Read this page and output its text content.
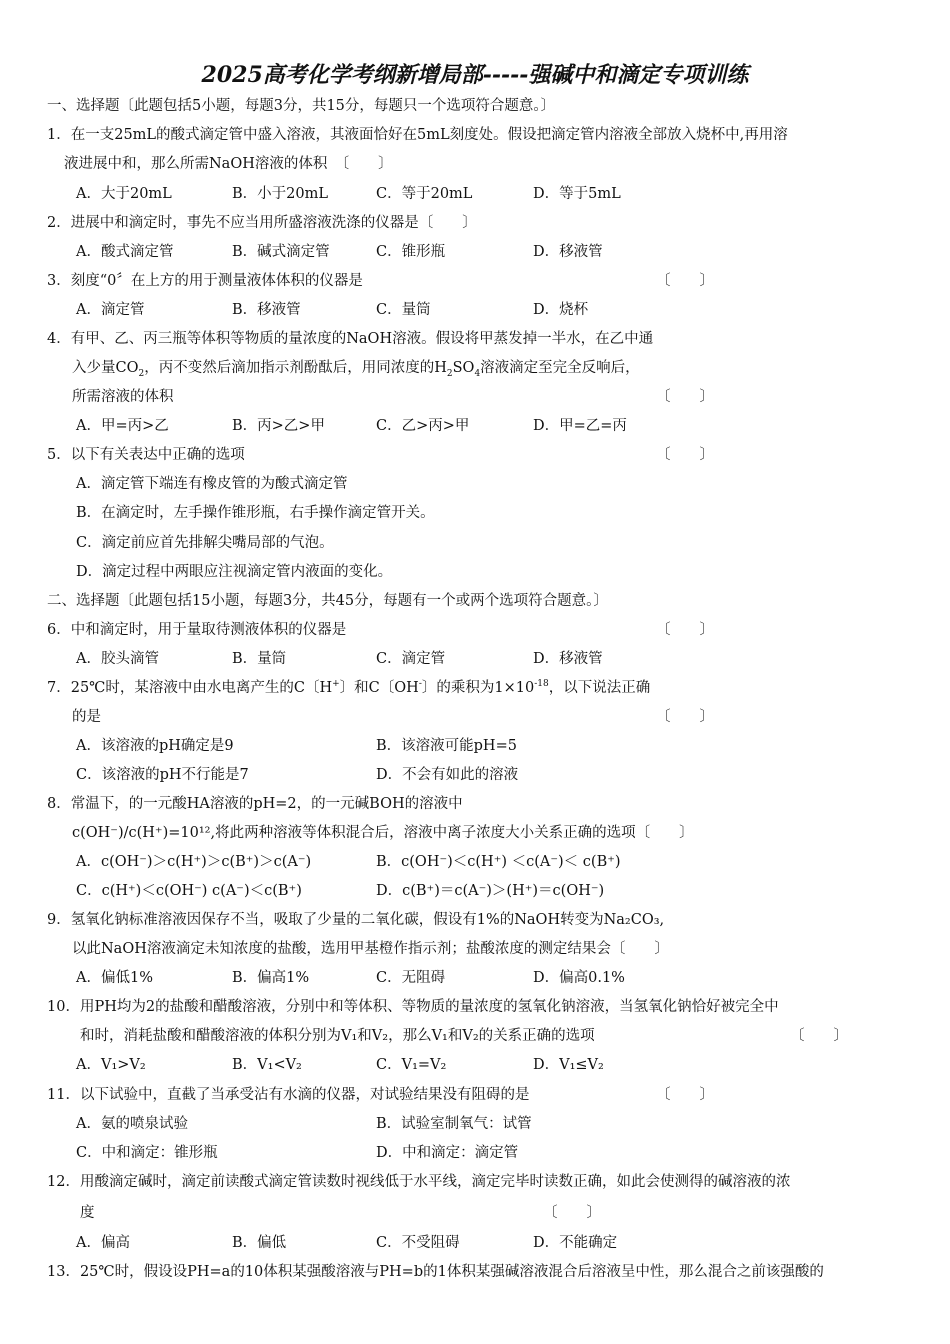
2025高考化学考纲新增局部-----强碱中和滴定专项训练
一、选择题〔此题包括5小题，每题3分，共15分，每题只一个选项符合题意。〕
1．在一支25mL的酸式滴定管中盛入溶液，其液面恰好在5mL刻度处。假设把滴定管内溶液全部放入烧杯中,再用溶
液进展中和，那么所需NaOH溶液的体积　〔　　〕
A．大于20mL	B．小于20mL	C．等于20mL	D．等于5mL
2．进展中和滴定时，事先不应当用所盛溶液洗涤的仪器是〔　　〕
A．酸式滴定管	B．碱式滴定管	C．锥形瓶	D．移液管
3．刻度“0〞在上方的用于测量液体体积的仪器是	〔　　〕
A．滴定管	B．移液管	C．量筒	D．烧杯
4．有甲、乙、丙三瓶等体积等物质的量浓度的NaOH溶液。假设将甲蒸发掉一半水，在乙中通
入少量$CO_2$，丙不变然后滴加指示剂酚酞后，用同浓度的$H_2SO_4$溶液滴定至完全反响后，
所需溶液的体积	〔　　〕
A．甲=丙>乙	B．丙>乙>甲	C．乙>丙>甲	D．甲=乙=丙
5．以下有关表达中正确的选项	〔　　〕
A．滴定管下端连有橡皮管的为酸式滴定管
B．在滴定时，左手操作锥形瓶，右手操作滴定管开关。
C．滴定前应首先排解尖嘴局部的气泡。
D．滴定过程中两眼应注视滴定管内液面的变化。
二、选择题〔此题包括15小题，每题3分，共45分，每题有一个或两个选项符合题意。〕
6．中和滴定时，用于量取待测液体积的仪器是	〔　　〕
A．胶头滴管	B．量筒	C．滴定管	D．移液管
7．25℃时，某溶液中由水电离产生的C〔H+〕和C〔OH-〕的乘积为$1\times 10^{-18}$，以下说法正确
的是	〔　　〕
A．该溶液的pH确定是9	B．该溶液可能pH=5
C．该溶液的pH不行能是7	D．不会有如此的溶液
8．常温下，的一元酸HA溶液的pH=2，的一元碱BOH的溶液中
c(OH⁻)/c(H⁺)=10¹²,将此两种溶液等体积混合后，溶液中离子浓度大小关系正确的选项〔　　〕
A．c(OH⁻)＞c(H⁺)＞c(B⁺)＞c(A⁻)	B．c(OH⁻)＜c(H⁺) ＜c(A⁻)＜ c(B⁺)
C．c(H⁺)＜c(OH⁻) c(A⁻)＜c(B⁺)	D．c(B⁺)＝c(A⁻)＞(H⁺)＝c(OH⁻)
9．氢氧化钠标准溶液因保存不当，吸取了少量的二氧化碳，假设有1%的NaOH转变为Na₂CO₃,
以此NaOH溶液滴定未知浓度的盐酸，选用甲基橙作指示剂；盐酸浓度的测定结果会〔　　〕
A．偏低1%	B．偏高1%	C．无阻碍	D．偏高0.1%
10．用PH均为2的盐酸和醋酸溶液，分别中和等体积、等物质的量浓度的氢氧化钠溶液，当氢氧化钠恰好被完全中
和时，消耗盐酸和醋酸溶液的体积分别为V₁和V₂，那么V₁和V₂的关系正确的选项	〔　　〕
A．V₁>V₂	B．V₁<V₂	C．V₁=V₂	D．V₁≤V₂
11．以下试验中，直截了当承受沾有水滴的仪器，对试验结果没有阻碍的是	〔　　〕
A．氨的喷泉试验	B．试验室制氧气：试管
C．中和滴定：锥形瓶	D．中和滴定：滴定管
12．用酸滴定碱时，滴定前读酸式滴定管读数时视线低于水平线，滴定完毕时读数正确，如此会使测得的碱溶液的浓
度	〔　　〕
A．偏高	B．偏低	C．不受阻碍	D．不能确定
13．25℃时，假设设PH=a的10体积某强酸溶液与PH=b的1体积某强碱溶液混合后溶液呈中性，那么混合之前该强酸的
